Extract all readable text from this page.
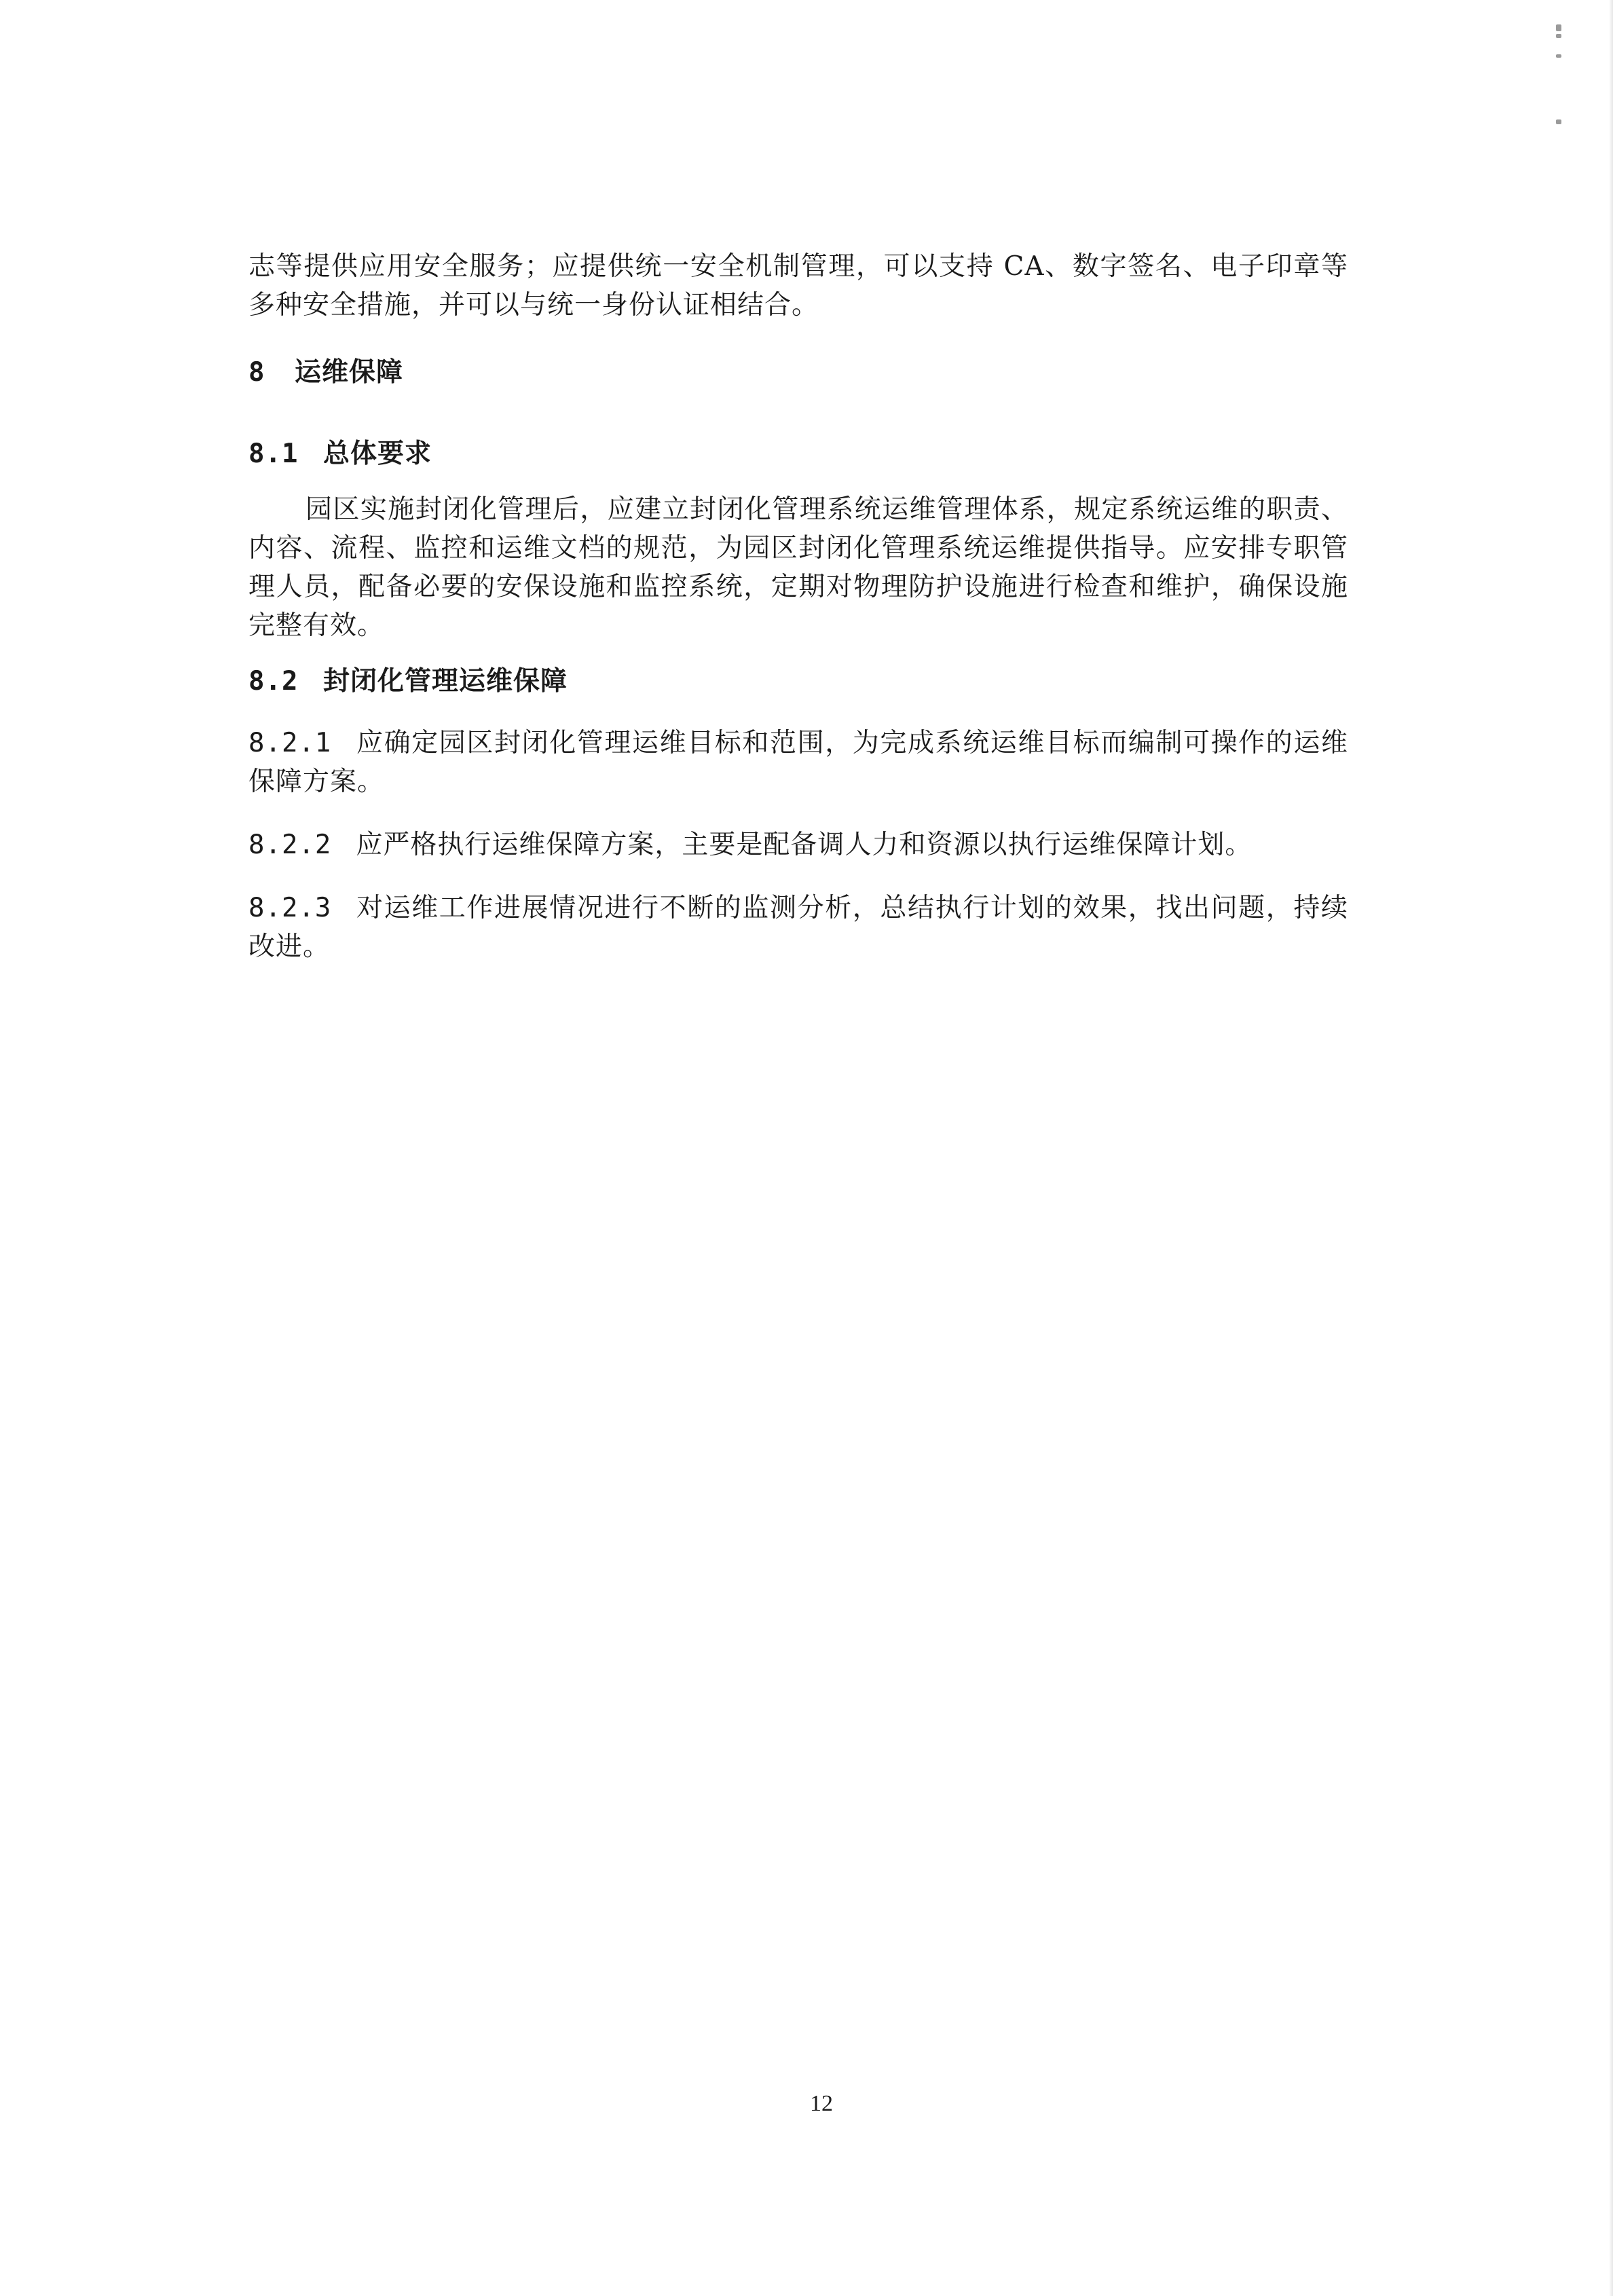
志等提供应用安全服务；应提供统一安全机制管理，可以支持 CA、数字签名、电子印章等多种安全措施，并可以与统一身份认证相结合。

8 运维保障
8.1 总体要求

园区实施封闭化管理后，应建立封闭化管理系统运维管理体系，规定系统运维的职责、内容、流程、监控和运维文档的规范，为园区封闭化管理系统运维提供指导。应安排专职管理人员，配备必要的安保设施和监控系统，定期对物理防护设施进行检查和维护，确保设施完整有效。

8.2 封闭化管理运维保障

8.2.1 应确定园区封闭化管理运维目标和范围，为完成系统运维目标而编制可操作的运维保障方案。

8.2.2 应严格执行运维保障方案，主要是配备调人力和资源以执行运维保障计划。

8.2.3 对运维工作进展情况进行不断的监测分析，总结执行计划的效果，找出问题，持续改进。

12
